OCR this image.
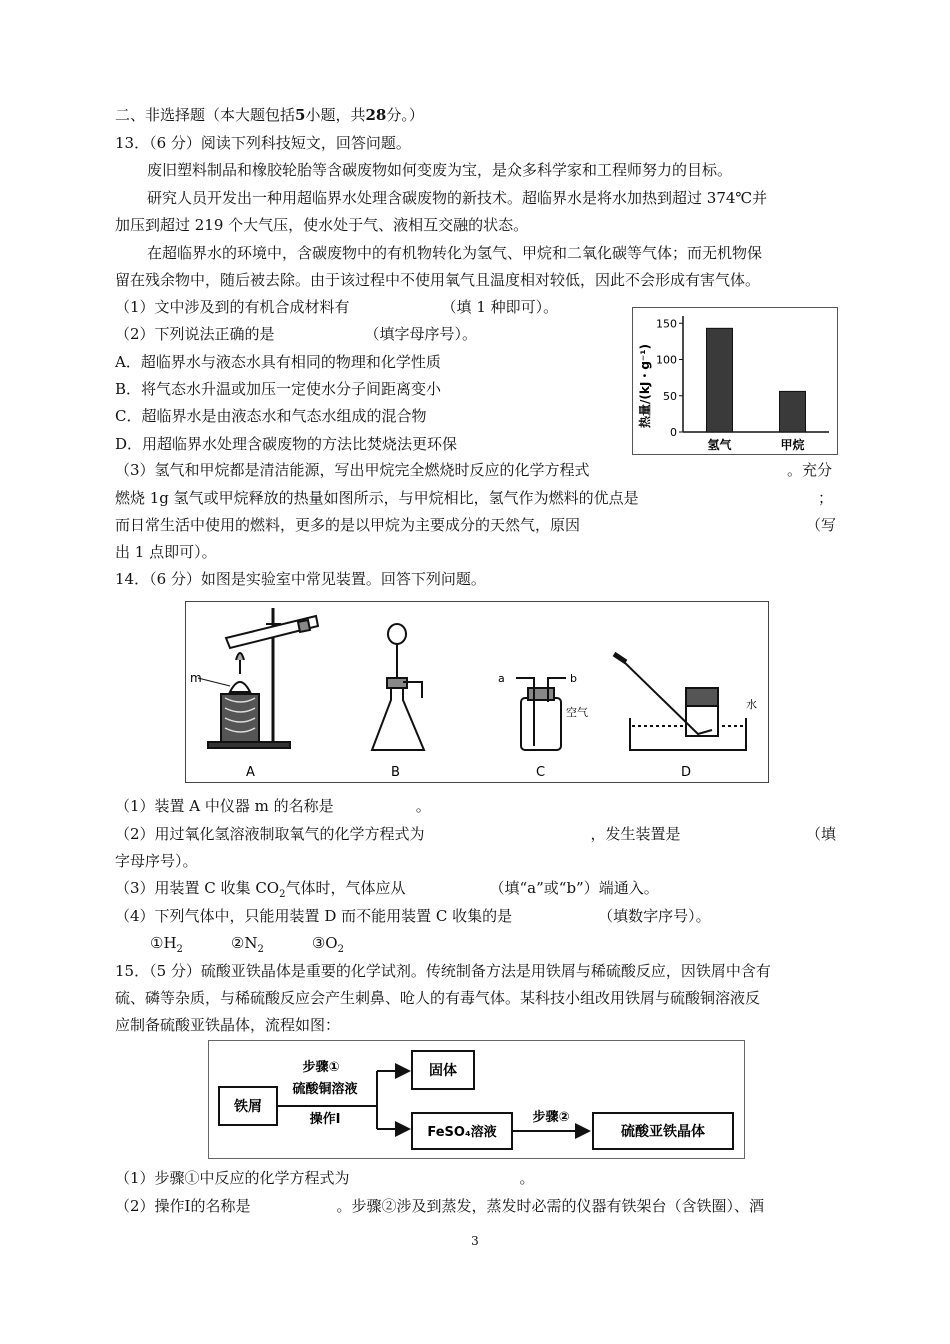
二、非选择题（本大题包括5小题，共28分。）
13．（6 分）阅读下列科技短文，回答问题。
废旧塑料制品和橡胶轮胎等含碳废物如何变废为宝，是众多科学家和工程师努力的目标。
研究人员开发出一种用超临界水处理含碳废物的新技术。超临界水是将水加热到超过 374℃并
加压到超过 219 个大气压，使水处于气、液相互交融的状态。
在超临界水的环境中，含碳废物中的有机物转化为氢气、甲烷和二氧化碳等气体；而无机物保
留在残余物中，随后被去除。由于该过程中不使用氧气且温度相对较低，因此不会形成有害气体。
（1）文中涉及到的有机合成材料有	（填 1 种即可）。
（2）下列说法正确的是	（填字母序号）。
A．超临界水与液态水具有相同的物理和化学性质
B．将气态水升温或加压一定使水分子间距离变小
C．超临界水是由液态水和气态水组成的混合物
D．用超临界水处理含碳废物的方法比焚烧法更环保
（3）氢气和甲烷都是清洁能源，写出甲烷完全燃烧时反应的化学方程式	。充分
燃烧 1g 氢气或甲烷释放的热量如图所示，与甲烷相比，氢气作为燃料的优点是	；
而日常生活中使用的燃料，更多的是以甲烷为主要成分的天然气，原因	（写
出 1 点即可）。
热量/(kJ・g⁻¹)
0
50
100
150
氢气	甲烷
14．（6 分）如图是实验室中常见装置。回答下列问题。
m
A	B
a	b
空气
C
水
D
（1）装置 A 中仪器 m 的名称是	。
（2）用过氧化氢溶液制取氧气的化学方程式为	，发生装置是	（填
字母序号）。
（3）用装置 C 收集 $CO_2$气体时，气体应从	（填“a”或“b”）端通入。
（4）下列气体中，只能用装置 D 而不能用装置 C 收集的是	（填数字序号）。
$①H_2$	$②N_2$	$③O_2$
15．（5 分）硫酸亚铁晶体是重要的化学试剂。传统制备方法是用铁屑与稀硫酸反应，因铁屑中含有
硫、磷等杂质，与稀硫酸反应会产生刺鼻、呛人的有毒气体。某科技小组改用铁屑与硫酸铜溶液反
应制备硫酸亚铁晶体，流程如图：
铁屑
步骤①
硫酸铜溶液
操作Ⅰ
固体
FeSO₄溶液
步骤②
硫酸亚铁晶体
（1）步骤①中反应的化学方程式为	。
（2）操作Ⅰ的名称是	。步骤②涉及到蒸发，蒸发时必需的仪器有铁架台（含铁圈）、酒
3
